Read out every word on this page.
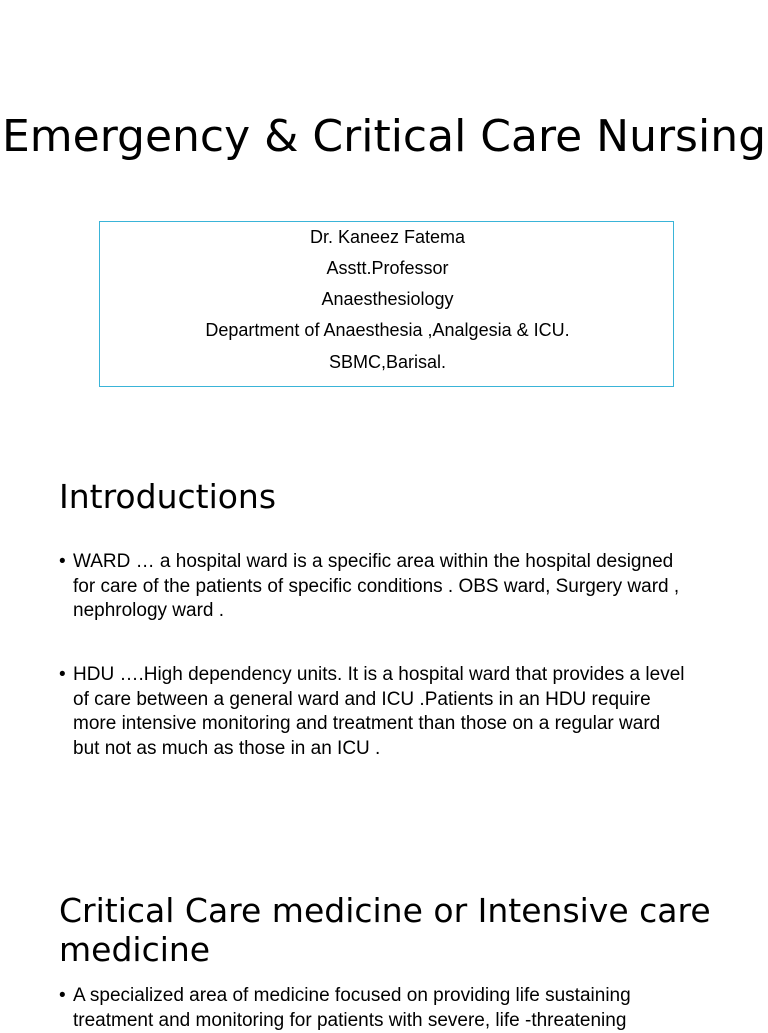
Emergency & Critical Care Nursing
Dr. Kaneez Fatema
Asstt.Professor
Anaesthesiology
Department of Anaesthesia ,Analgesia & ICU.
SBMC,Barisal.
Introductions
• WARD … a hospital ward is a specific area within the hospital designed for care of the patients of specific conditions . OBS ward, Surgery ward , nephrology ward .
• HDU ….High dependency units. It is a hospital ward that provides a level of care between a general ward and ICU .Patients in an HDU require more intensive monitoring and treatment than those on a regular ward but not as much as those in an ICU .
Critical Care medicine or Intensive care medicine
• A specialized area of medicine focused on providing life sustaining treatment and monitoring for patients with severe, life -threatening
